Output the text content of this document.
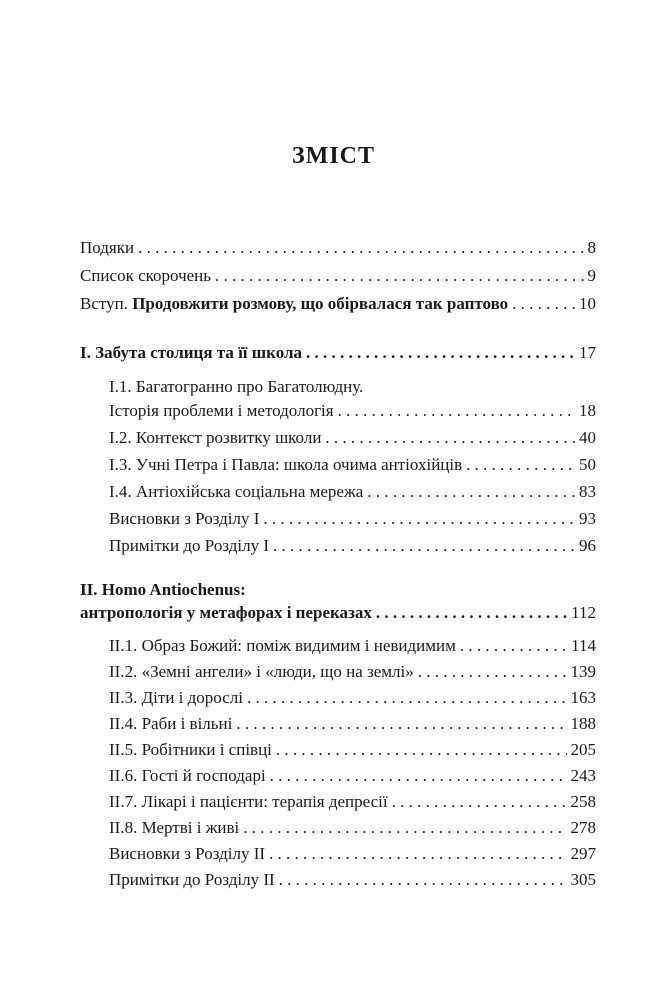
ЗМІСТ
Подяки . . .	8
Список скорочень . . .	9
Вступ.
Продовжити розмову, що обірвалася так раптово . . .	10
I. Забута столиця та її школа . . .	17
I.1. Багатогранно про Багатолюдну.
Історія проблеми і методологія . . .	18
I.2. Контекст розвитку школи . . .	40
I.3. Учні Петра і Павла: школа очима антіохійців . . .	50
I.4. Антіохійська соціальна мережа . . .	83
Висновки з Розділу I . . .	93
Примітки до Розділу I . . .	96
II. Homo Antiochenus:
антропологія у метафорах і переказах . . .	112
II.1. Образ Божий: поміж видимим і невидимим . . .	114
II.2. «Земні ангели» і «люди, що на землі» . . .	139
II.3. Діти і дорослі . . .	163
II.4. Раби і вільні . . .	188
II.5. Робітники і співці . . .	205
II.6. Гості й господарі . . .	243
II.7. Лікарі і пацієнти: терапія депресії . . .	258
II.8. Мертві і живі . . .	278
Висновки з Розділу II . . .	297
Примітки до Розділу II . . .	305
